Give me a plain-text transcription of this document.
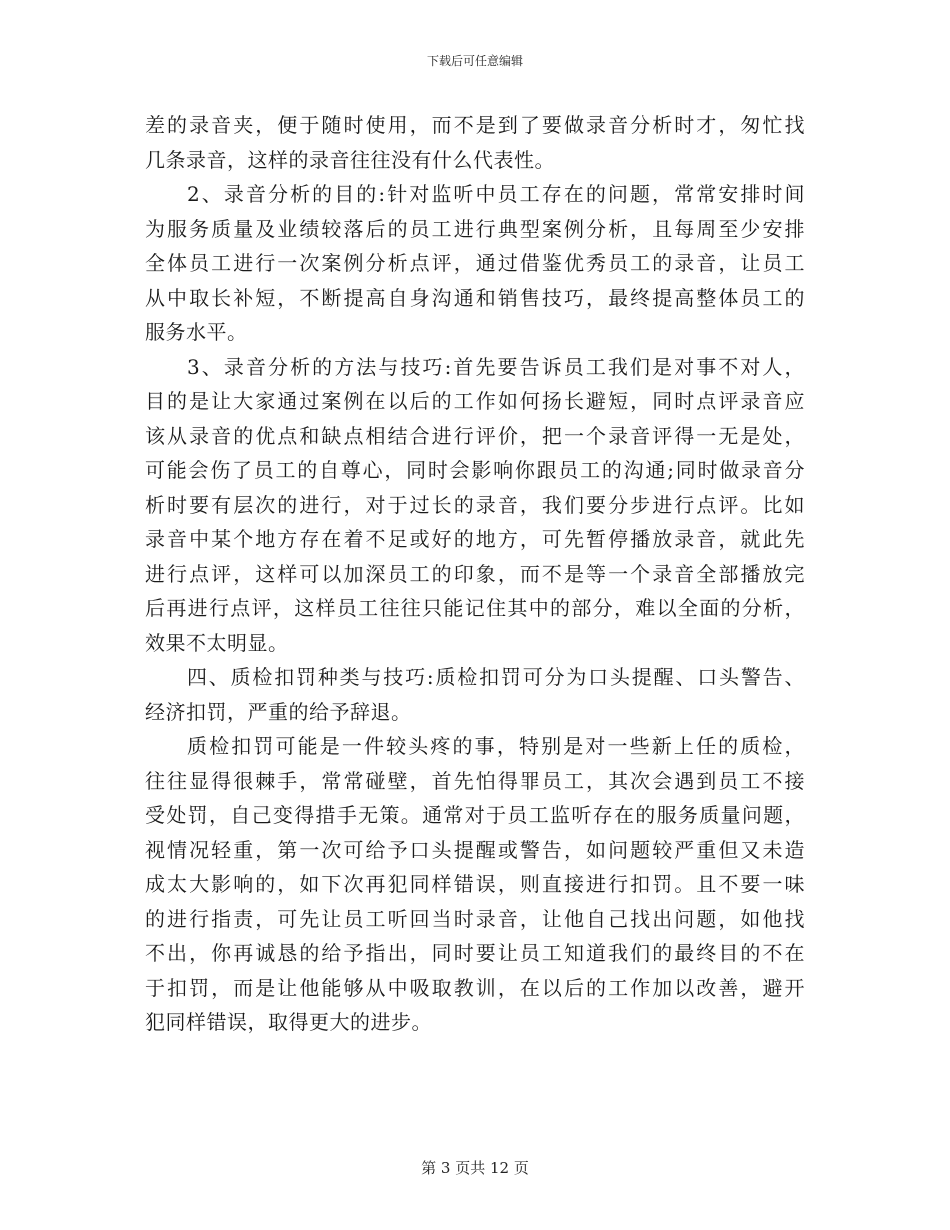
下载后可任意编辑
差的录音夹，便于随时使用，而不是到了要做录音分析时才，匆忙找
几条录音，这样的录音往往没有什么代表性。
2、录音分析的目的:针对监听中员工存在的问题，常常安排时间
为服务质量及业绩较落后的员工进行典型案例分析，且每周至少安排
全体员工进行一次案例分析点评，通过借鉴优秀员工的录音，让员工
从中取长补短，不断提高自身沟通和销售技巧，最终提高整体员工的
服务水平。
3、录音分析的方法与技巧:首先要告诉员工我们是对事不对人，
目的是让大家通过案例在以后的工作如何扬长避短，同时点评录音应
该从录音的优点和缺点相结合进行评价，把一个录音评得一无是处，
可能会伤了员工的自尊心，同时会影响你跟员工的沟通;同时做录音分
析时要有层次的进行，对于过长的录音，我们要分步进行点评。比如
录音中某个地方存在着不足或好的地方，可先暂停播放录音，就此先
进行点评，这样可以加深员工的印象，而不是等一个录音全部播放完
后再进行点评，这样员工往往只能记住其中的部分，难以全面的分析，
效果不太明显。
四、质检扣罚种类与技巧:质检扣罚可分为口头提醒、口头警告、
经济扣罚，严重的给予辞退。
质检扣罚可能是一件较头疼的事，特别是对一些新上任的质检，
往往显得很棘手，常常碰壁，首先怕得罪员工，其次会遇到员工不接
受处罚，自己变得措手无策。通常对于员工监听存在的服务质量问题，
视情况轻重，第一次可给予口头提醒或警告，如问题较严重但又未造
成太大影响的，如下次再犯同样错误，则直接进行扣罚。且不要一味
的进行指责，可先让员工听回当时录音，让他自己找出问题，如他找
不出，你再诚恳的给予指出，同时要让员工知道我们的最终目的不在
于扣罚，而是让他能够从中吸取教训，在以后的工作加以改善，避开
犯同样错误，取得更大的进步。
第 3 页共 12 页
